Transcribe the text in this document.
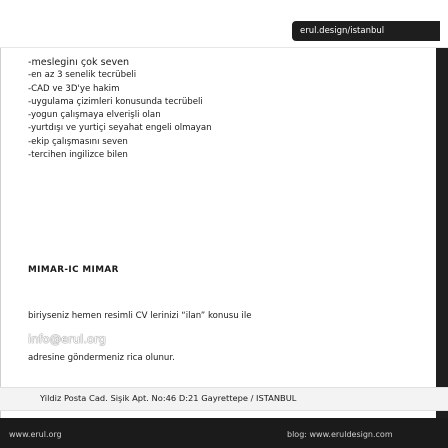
erul.design/istanbul
-meslegi̇nı çok seven
-en az 3 senelik tecrübeli
-CAD ve 3D'ye hakim
-uygulama çizimleri konusunda tecrübeli
-yogun çalışmaya elverişli olan
-yurtdışı ve yurtiçi seyahat engeli olmayan
-ekip çalışmasını seven
-tercihen ingilizce bilen
MIMAR-IC MIMAR
biriyseniz hemen resimli CV lerinizi “ilan” konusu ile
info@erul.org
adresine göndermeniz rica olunur.
Yildiz Posta Cad. Sişik Apt. No:46 D:21 Gayrettepe / ISTANBUL
www.erul.org	blog: www.eruldesign.com
